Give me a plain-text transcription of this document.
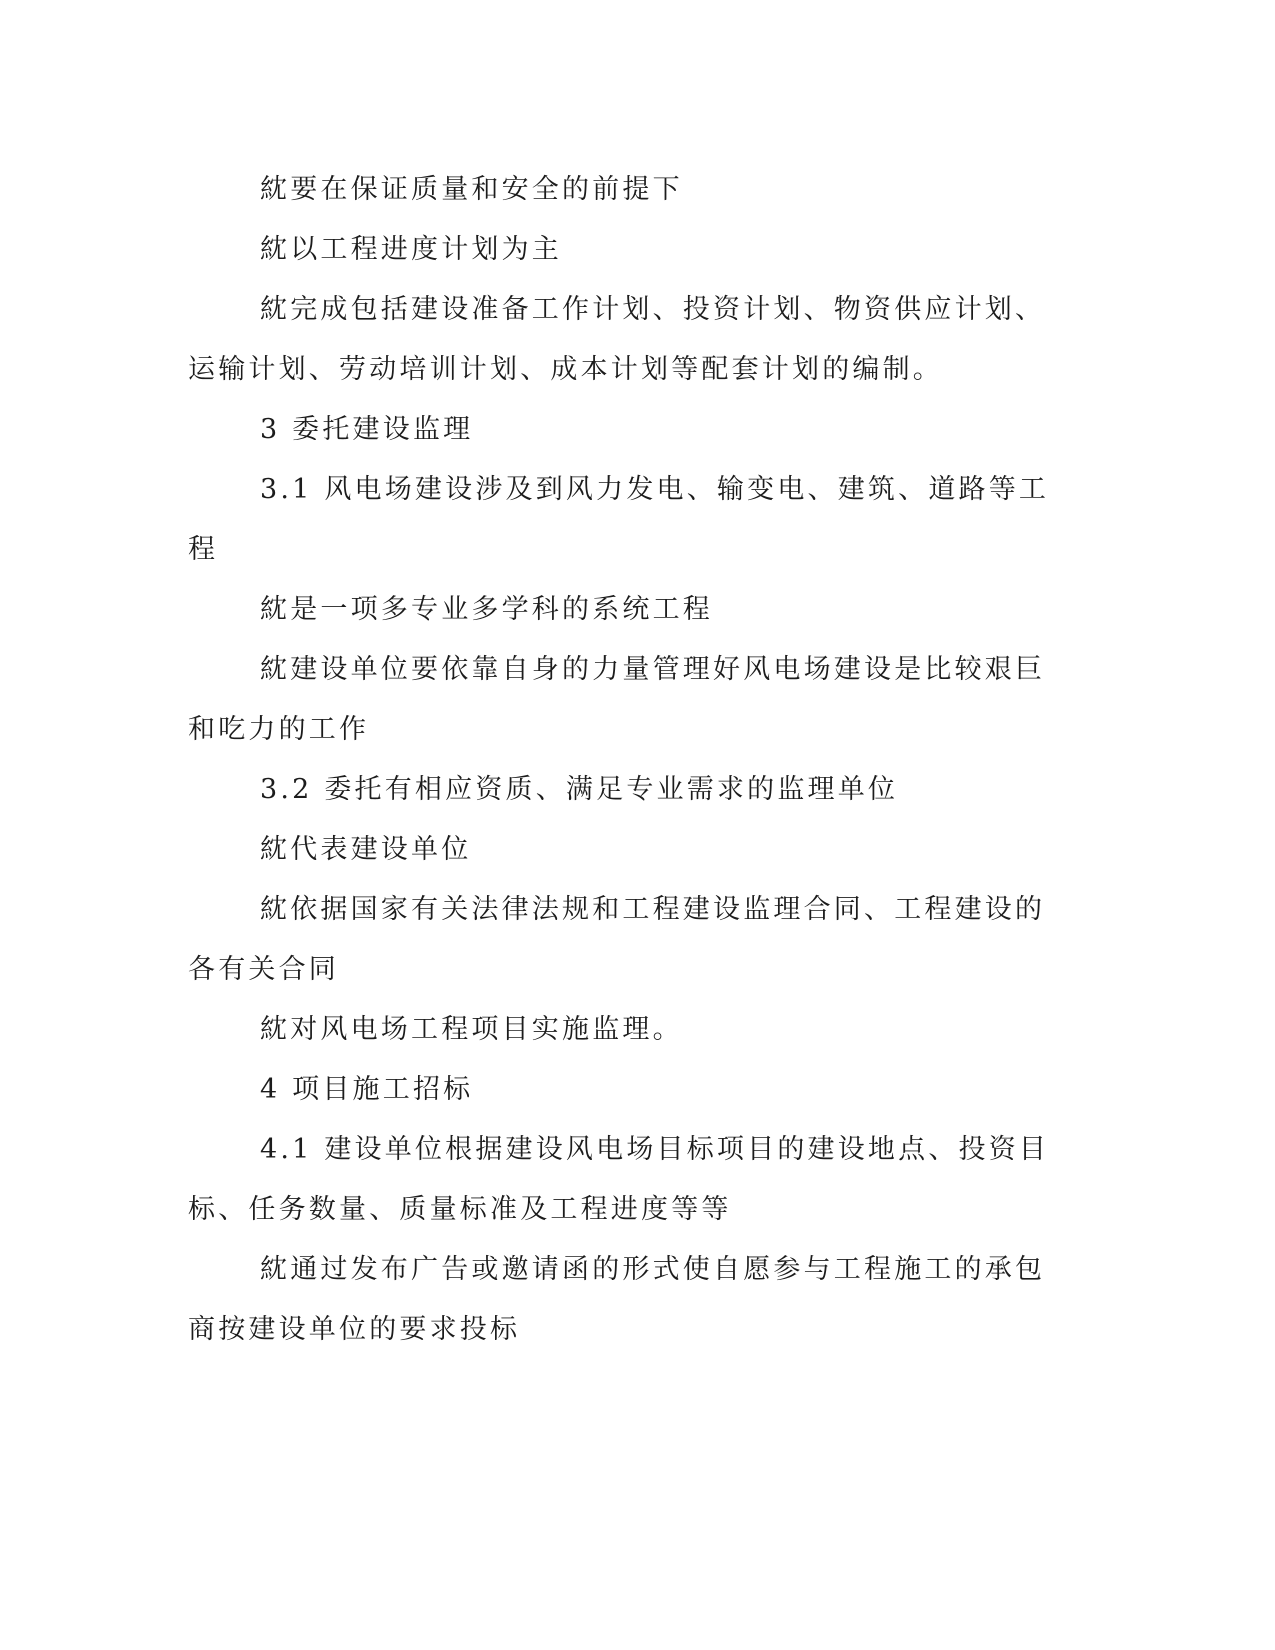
紞要在保证质量和安全的前提下

紞以工程进度计划为主

紞完成包括建设准备工作计划、投资计划、物资供应计划、运输计划、劳动培训计划、成本计划等配套计划的编制。

3 委托建设监理

3.1 风电场建设涉及到风力发电、输变电、建筑、道路等工程

紞是一项多专业多学科的系统工程

紞建设单位要依靠自身的力量管理好风电场建设是比较艰巨和吃力的工作

3.2 委托有相应资质、满足专业需求的监理单位

紞代表建设单位

紞依据国家有关法律法规和工程建设监理合同、工程建设的各有关合同

紞对风电场工程项目实施监理。

4 项目施工招标

4.1 建设单位根据建设风电场目标项目的建设地点、投资目标、任务数量、质量标准及工程进度等等

紞通过发布广告或邀请函的形式使自愿参与工程施工的承包商按建设单位的要求投标
